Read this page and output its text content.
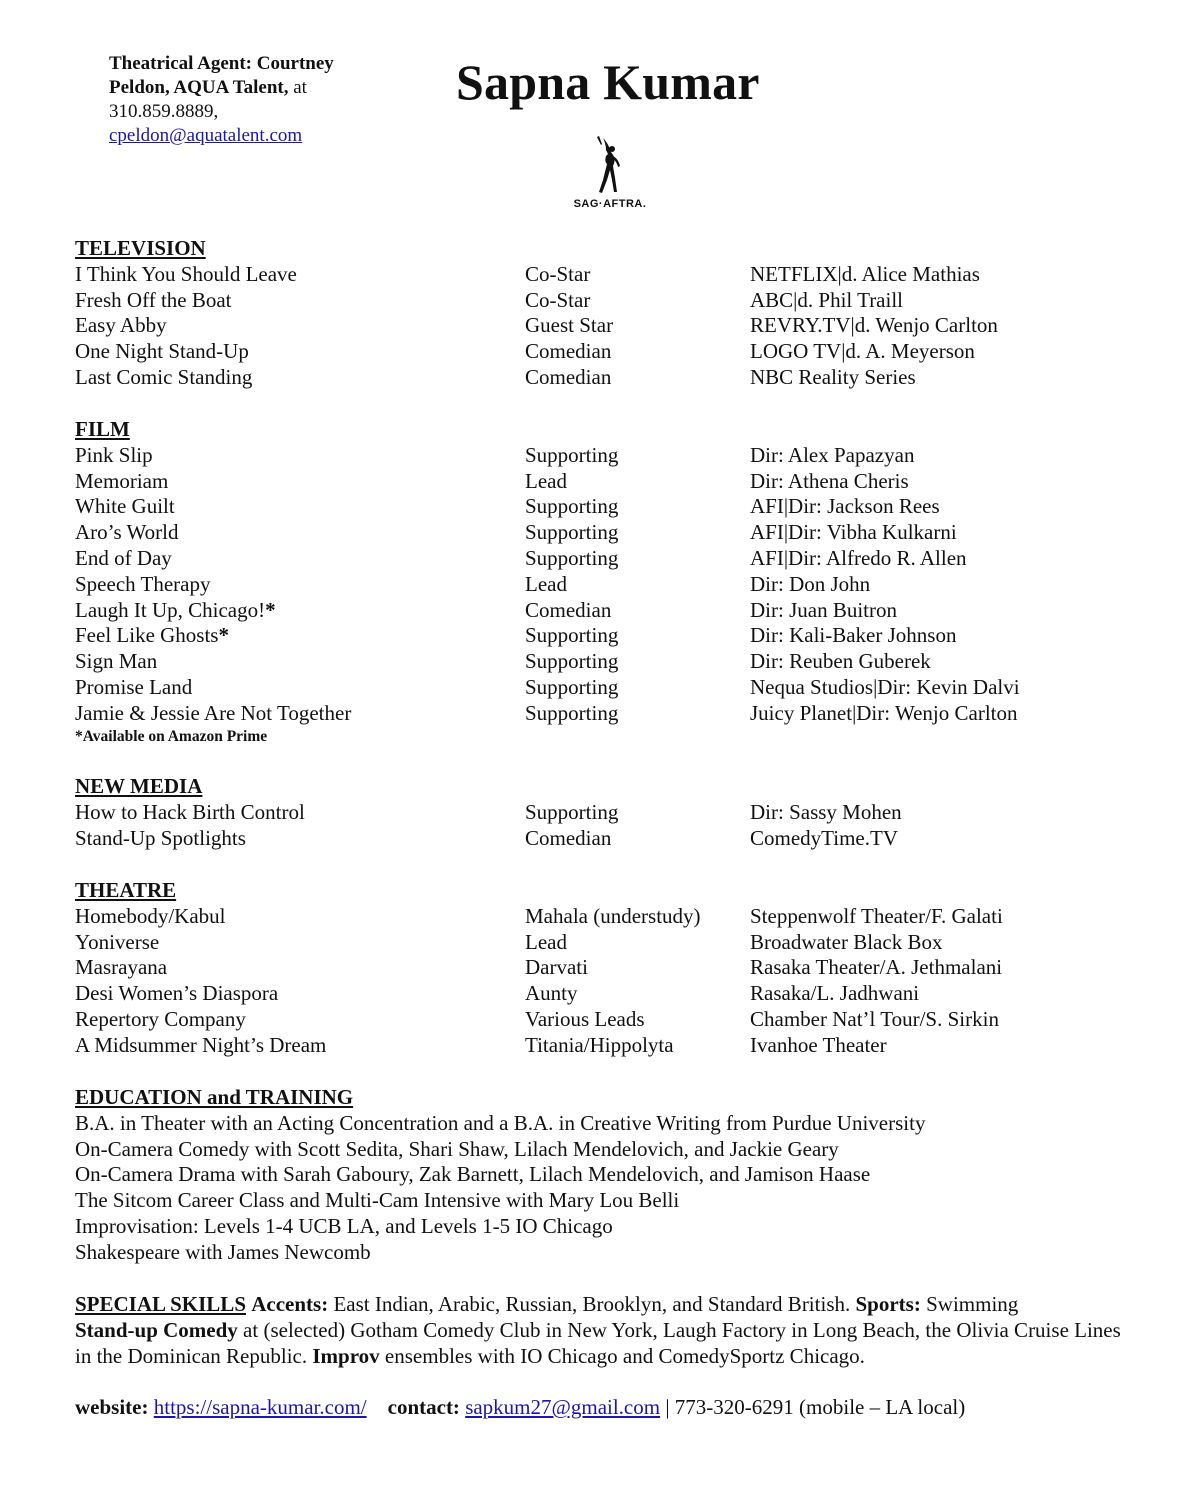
Theatrical Agent: Courtney
Peldon, AQUA Talent, at
310.859.8889,
cpeldon@aquatalent.com
Sapna Kumar
SAG·AFTRA.
TELEVISION
I Think You Should Leave	Co-Star	NETFLIX|d. Alice Mathias
Fresh Off the Boat	Co-Star	ABC|d. Phil Traill
Easy Abby	Guest Star	REVRY.TV|d. Wenjo Carlton
One Night Stand-Up	Comedian	LOGO TV|d. A. Meyerson
Last Comic Standing	Comedian	NBC Reality Series
FILM
Pink Slip	Supporting	Dir: Alex Papazyan
Memoriam	Lead	Dir: Athena Cheris
White Guilt	Supporting	AFI|Dir: Jackson Rees
Aro’s World	Supporting	AFI|Dir: Vibha Kulkarni
End of Day	Supporting	AFI|Dir: Alfredo R. Allen
Speech Therapy	Lead	Dir: Don John
Laugh It Up, Chicago!*	Comedian	Dir: Juan Buitron
Feel Like Ghosts*	Supporting	Dir: Kali-Baker Johnson
Sign Man	Supporting	Dir: Reuben Guberek
Promise Land	Supporting	Nequa Studios|Dir: Kevin Dalvi
Jamie & Jessie Are Not Together	Supporting	Juicy Planet|Dir: Wenjo Carlton
*Available on Amazon Prime
NEW MEDIA
How to Hack Birth Control	Supporting	Dir: Sassy Mohen
Stand-Up Spotlights	Comedian	ComedyTime.TV
THEATRE
Homebody/Kabul	Mahala (understudy)	Steppenwolf Theater/F. Galati
Yoniverse	Lead	Broadwater Black Box
Masrayana	Darvati	Rasaka Theater/A. Jethmalani
Desi Women’s Diaspora	Aunty	Rasaka/L. Jadhwani
Repertory Company	Various Leads	Chamber Nat’l Tour/S. Sirkin
A Midsummer Night’s Dream	Titania/Hippolyta	Ivanhoe Theater
EDUCATION and TRAINING
B.A. in Theater with an Acting Concentration and a B.A. in Creative Writing from Purdue University
On-Camera Comedy with Scott Sedita, Shari Shaw, Lilach Mendelovich, and Jackie Geary
On-Camera Drama with Sarah Gaboury, Zak Barnett, Lilach Mendelovich, and Jamison Haase
The Sitcom Career Class and Multi-Cam Intensive with Mary Lou Belli
Improvisation: Levels 1-4 UCB LA, and Levels 1-5 IO Chicago
Shakespeare with James Newcomb
SPECIAL SKILLS Accents: East Indian, Arabic, Russian, Brooklyn, and Standard British. Sports: Swimming
Stand-up Comedy at (selected) Gotham Comedy Club in New York, Laugh Factory in Long Beach, the Olivia Cruise Lines in the Dominican Republic. Improv ensembles with IO Chicago and ComedySportz Chicago.
website: https://sapna-kumar.com/ contact: sapkum27@gmail.com | 773-320-6291 (mobile – LA local)
